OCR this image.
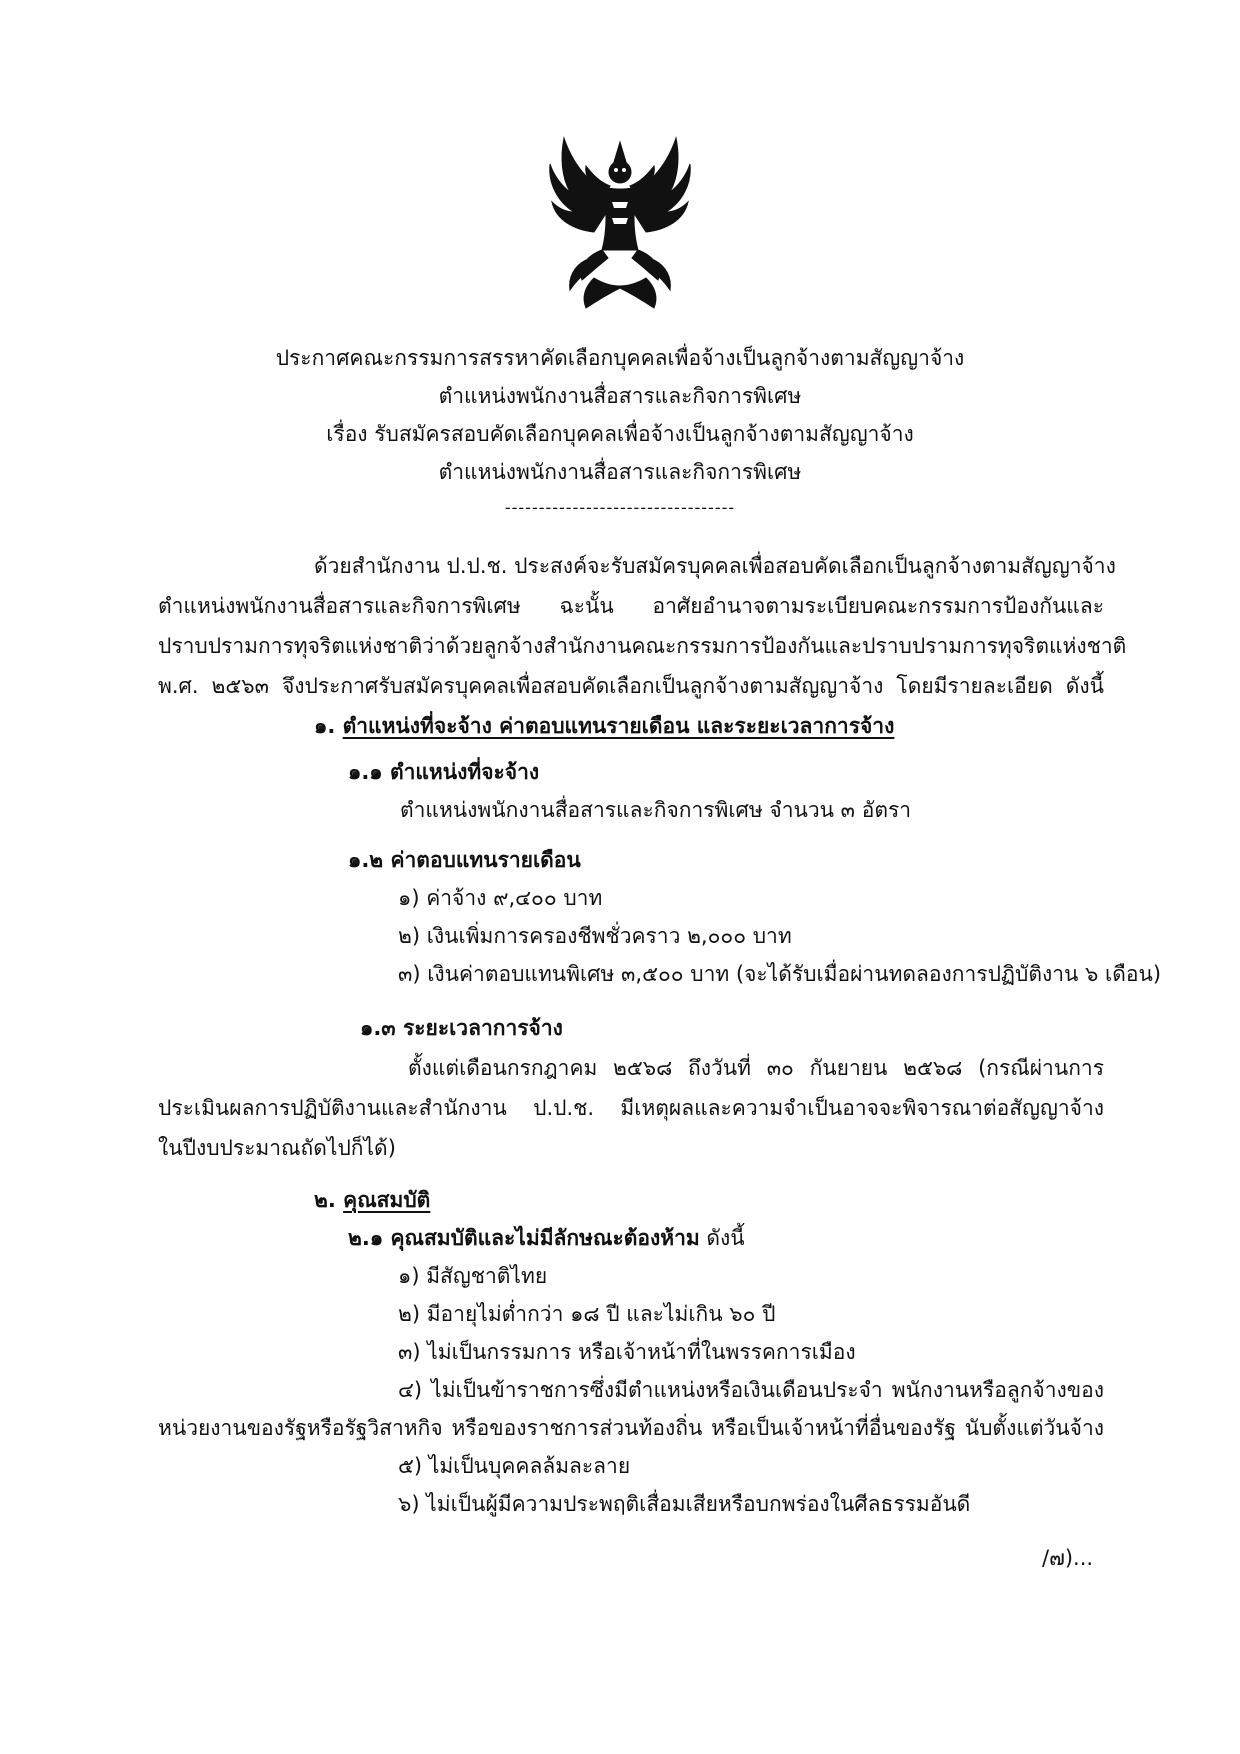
ประกาศคณะกรรมการสรรหาคัดเลือกบุคคลเพื่อจ้างเป็นลูกจ้างตามสัญญาจ้าง
ตำแหน่งพนักงานสื่อสารและกิจการพิเศษ
เรื่อง รับสมัครสอบคัดเลือกบุคคลเพื่อจ้างเป็นลูกจ้างตามสัญญาจ้าง
ตำแหน่งพนักงานสื่อสารและกิจการพิเศษ
----------------------------------
ด้วยสำนักงาน ป.ป.ช. ประสงค์จะรับสมัครบุคคลเพื่อสอบคัดเลือกเป็นลูกจ้างตามสัญญาจ้าง
ตำแหน่งพนักงานสื่อสารและกิจการพิเศษ ฉะนั้น อาศัยอำนาจตามระเบียบคณะกรรมการป้องกันและ
ปราบปรามการทุจริตแห่งชาติว่าด้วยลูกจ้างสำนักงานคณะกรรมการป้องกันและปราบปรามการทุจริตแห่งชาติ
พ.ศ. ๒๕๖๓ จึงประกาศรับสมัครบุคคลเพื่อสอบคัดเลือกเป็นลูกจ้างตามสัญญาจ้าง โดยมีรายละเอียด ดังนี้
๑. ตำแหน่งที่จะจ้าง ค่าตอบแทนรายเดือน และระยะเวลาการจ้าง
๑.๑ ตำแหน่งที่จะจ้าง
ตำแหน่งพนักงานสื่อสารและกิจการพิเศษ จำนวน ๓ อัตรา
๑.๒ ค่าตอบแทนรายเดือน
๑) ค่าจ้าง ๙,๔๐๐ บาท
๒) เงินเพิ่มการครองชีพชั่วคราว ๒,๐๐๐ บาท
๓) เงินค่าตอบแทนพิเศษ ๓,๕๐๐ บาท (จะได้รับเมื่อผ่านทดลองการปฏิบัติงาน ๖ เดือน)
๑.๓ ระยะเวลาการจ้าง
ตั้งแต่เดือนกรกฎาคม ๒๕๖๘ ถึงวันที่ ๓๐ กันยายน ๒๕๖๘ (กรณีผ่านการ
ประเมินผลการปฏิบัติงานและสำนักงาน ป.ป.ช. มีเหตุผลและความจำเป็นอาจจะพิจารณาต่อสัญญาจ้าง
ในปีงบประมาณถัดไปก็ได้)
๒. คุณสมบัติ
๒.๑ คุณสมบัติและไม่มีลักษณะต้องห้าม ดังนี้
๑) มีสัญชาติไทย
๒) มีอายุไม่ต่ำกว่า ๑๘ ปี และไม่เกิน ๖๐ ปี
๓) ไม่เป็นกรรมการ หรือเจ้าหน้าที่ในพรรคการเมือง
๔) ไม่เป็นข้าราชการซึ่งมีตำแหน่งหรือเงินเดือนประจำ พนักงานหรือลูกจ้างของ
หน่วยงานของรัฐหรือรัฐวิสาหกิจ หรือของราชการส่วนท้องถิ่น หรือเป็นเจ้าหน้าที่อื่นของรัฐ นับตั้งแต่วันจ้าง
๕) ไม่เป็นบุคคลล้มละลาย
๖) ไม่เป็นผู้มีความประพฤติเสื่อมเสียหรือบกพร่องในศีลธรรมอันดี
/๗)...
